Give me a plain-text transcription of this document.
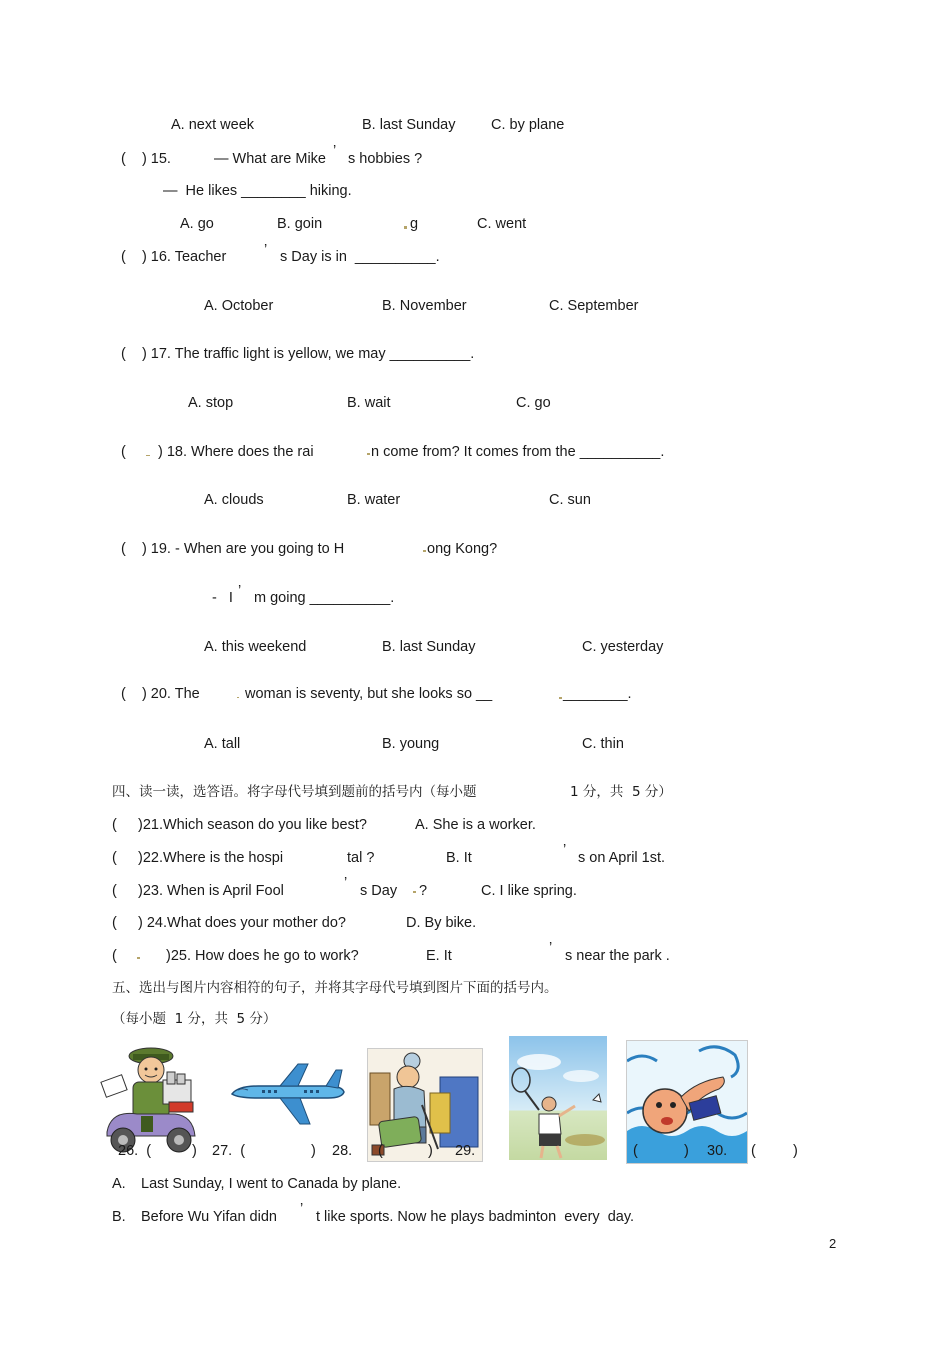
A. next week	B. last Sunday C. by plane
(    ) 15.	— What are Mike ’ s hobbies ?
—  He likes ________ hiking.
A. go	B. goin	g	C. went
(    ) 16. Teacher	’ s Day is in  __________.
A. October	B. November	C. September
(    ) 17. The traffic light is yellow, we may __________.
A. stop	B. wait	C. go
( ) 18. Where does the rai	n come from? It comes from the __________.
A. clouds	B. water	C. sun
(    ) 19. - When are you going to H	ong Kong?
-   I ’ m going __________.
A. this weekend	B. last Sunday	C. yesterday
(    ) 20. The	woman is seventy, but she looks so __	________.
A. tall	B. young	C. thin
四、读一读，选答语。将字母代号填到题前的括号内（每小题	1 分，共  5 分）
( )21.Which season do you like best?	A. She is a worker.
( )22.Where is the hospi	tal ?	B. It	’ s on April 1st.
( )23. When is April Fool	’ s Day ?	C. I like spring.
( ) 24.What does your mother do?	D. By bike.
(	)25. How does he go to work?	E. It	’ s near the park .
五、选出与图片内容相符的句子，并将其字母代号填到图片下面的括号内。
（每小题  1 分，共  5 分）
26.  (	) 27.  (	) 28. (	) 29.	(	) 30. (	)
A. Last Sunday, I went to Canada by plane.
B. Before Wu Yifan didn ’ t like sports. Now he plays badminton  every  day.
2
